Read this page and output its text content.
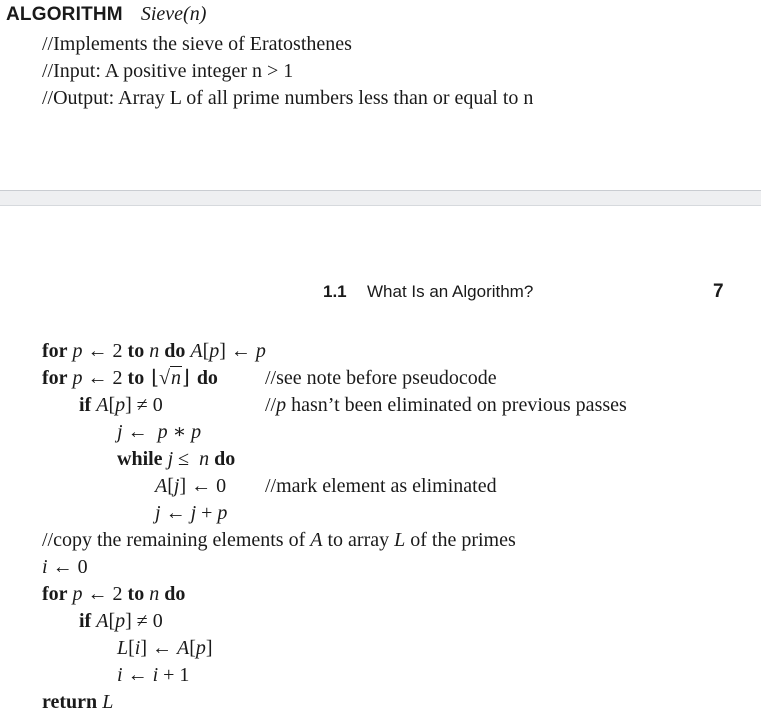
ALGORITHM Sieve(n)
//Implements the sieve of Eratosthenes
//Input: A positive integer n > 1
//Output: Array L of all prime numbers less than or equal to n
1.1 What Is an Algorithm?	7
for p ← 2 to n do A[p] ← p
for p ← 2 to ⌊√n⌋ do //see note before pseudocode
if A[p] ≠ 0	//p hasn’t been eliminated on previous passes
j ←  p ∗ p
while j ≤  n do
A[j] ← 0 //mark element as eliminated
j ← j + p
//copy the remaining elements of A to array L of the primes
i ← 0
for p ← 2 to n do
if A[p] ≠ 0
L[i] ← A[p]
i ← i + 1
return L
